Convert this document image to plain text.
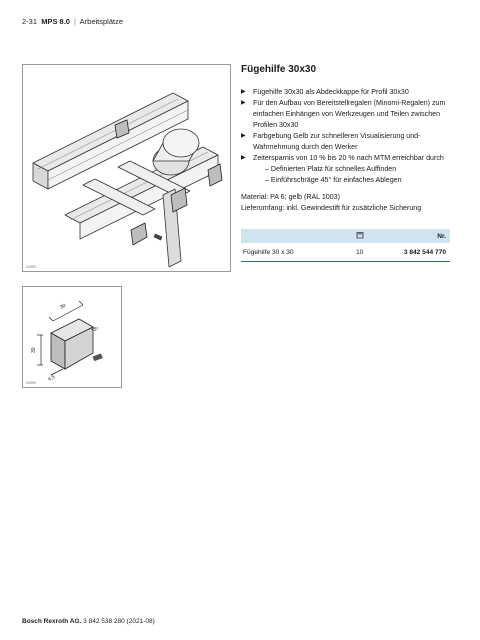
2-31 MPS 8.0 | Arbeitsplätze
21993
30
30
45°
4,5
21994
Fügehilfe 30x30
▶ Fügehilfe 30x30 als Abdeckkappe für Profil 30x30
▶ Für den Aufbau von Bereitstellregalen (Minomi-Regalen) zum einfachen Einhängen von Werkzeugen und Teilen zwischen Profilen 30x30
▶ Farbgebung Gelb zur schnelleren Visualisierung und-Wahrnehmung durch den Werker
▶ Zeitersparnis von 10 % bis 20 % nach MTM erreichbar durch
– Definierten Platz für schnelles Auffinden
– Einführschräge 45° für einfaches Ablegen
Material: PA 6; gelb (RAL 1003)
Lieferumfang: inkl. Gewindestift für zusätzliche Sicherung
		Nr.
Fügehilfe 30 x 30	10	3 842 544 770
Bosch Rexroth AG. 3 842 538 280 (2021-08)
